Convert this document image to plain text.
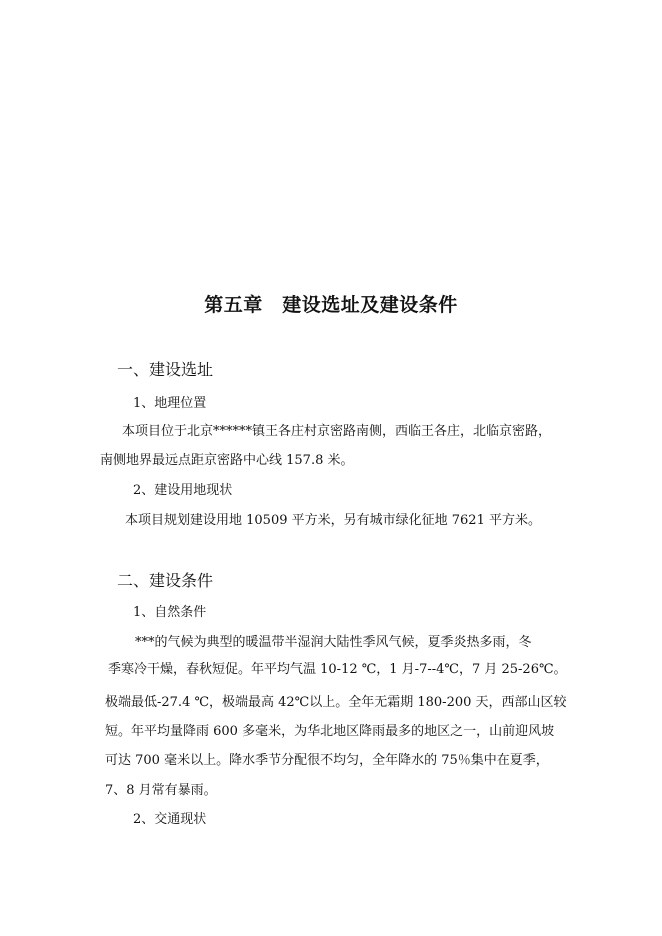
第五章　建设选址及建设条件
一、建设选址
1、地理位置
本项目位于北京******镇王各庄村京密路南侧，西临王各庄，北临京密路，
南侧地界最远点距京密路中心线 157.8 米。
2、建设用地现状
本项目规划建设用地 10509 平方米，另有城市绿化征地 7621 平方米。
二、建设条件
1、自然条件
***的气候为典型的暖温带半湿润大陆性季风气候，夏季炎热多雨，冬
季寒冷干燥，春秋短促。年平均气温 10-12 ℃，1 月-7--4℃，7 月 25-26℃。
极端最低-27.4 ℃，极端最高 42℃以上。全年无霜期 180-200 天，西部山区较
短。年平均量降雨 600 多毫米，为华北地区降雨最多的地区之一，山前迎风坡
可达 700 毫米以上。降水季节分配很不均匀，全年降水的 75％集中在夏季，
7、8 月常有暴雨。
2、交通现状
